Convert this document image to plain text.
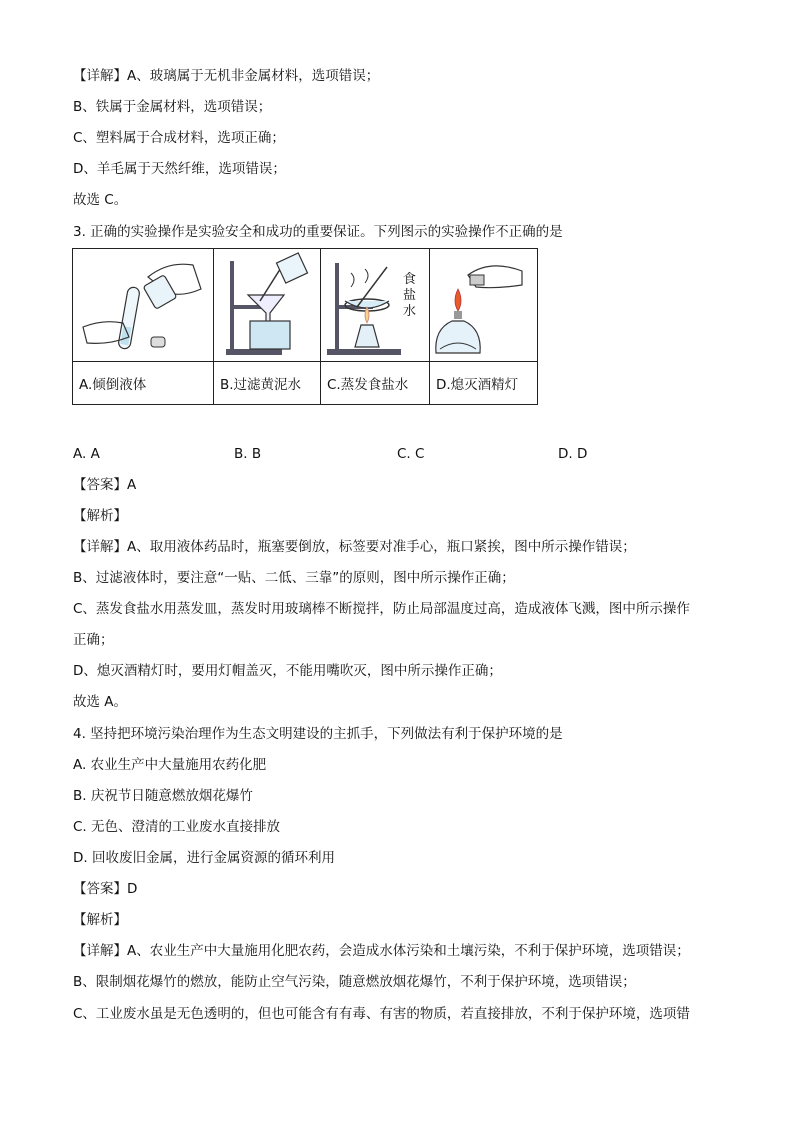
【详解】A、玻璃属于无机非金属材料，选项错误；
B、铁属于金属材料，选项错误；
C、塑料属于合成材料，选项正确；
D、羊毛属于天然纤维，选项错误；
故选 C。
3. 正确的实验操作是实验安全和成功的重要保证。下列图示的实验操作不正确的是

食
盐
水

A.倾倒液体	B.过滤黄泥水	C.蒸发食盐水	D.熄灭酒精灯
A. A	B. B	C. C	D. D
【答案】A
【解析】
【详解】A、取用液体药品时，瓶塞要倒放，标签要对准手心，瓶口紧挨，图中所示操作错误；
B、过滤液体时，要注意“一贴、二低、三靠”的原则，图中所示操作正确；
C、蒸发食盐水用蒸发皿，蒸发时用玻璃棒不断搅拌，防止局部温度过高，造成液体飞溅，图中所示操作
正确；
D、熄灭酒精灯时，要用灯帽盖灭，不能用嘴吹灭，图中所示操作正确；
故选 A。
4. 坚持把环境污染治理作为生态文明建设的主抓手，下列做法有利于保护环境的是
A. 农业生产中大量施用农药化肥
B. 庆祝节日随意燃放烟花爆竹
C. 无色、澄清的工业废水直接排放
D. 回收废旧金属，进行金属资源的循环利用
【答案】D
【解析】
【详解】A、农业生产中大量施用化肥农药，会造成水体污染和土壤污染，不利于保护环境，选项错误；
B、限制烟花爆竹的燃放，能防止空气污染，随意燃放烟花爆竹，不利于保护环境，选项错误；
C、工业废水虽是无色透明的，但也可能含有有毒、有害的物质，若直接排放，不利于保护环境，选项错
